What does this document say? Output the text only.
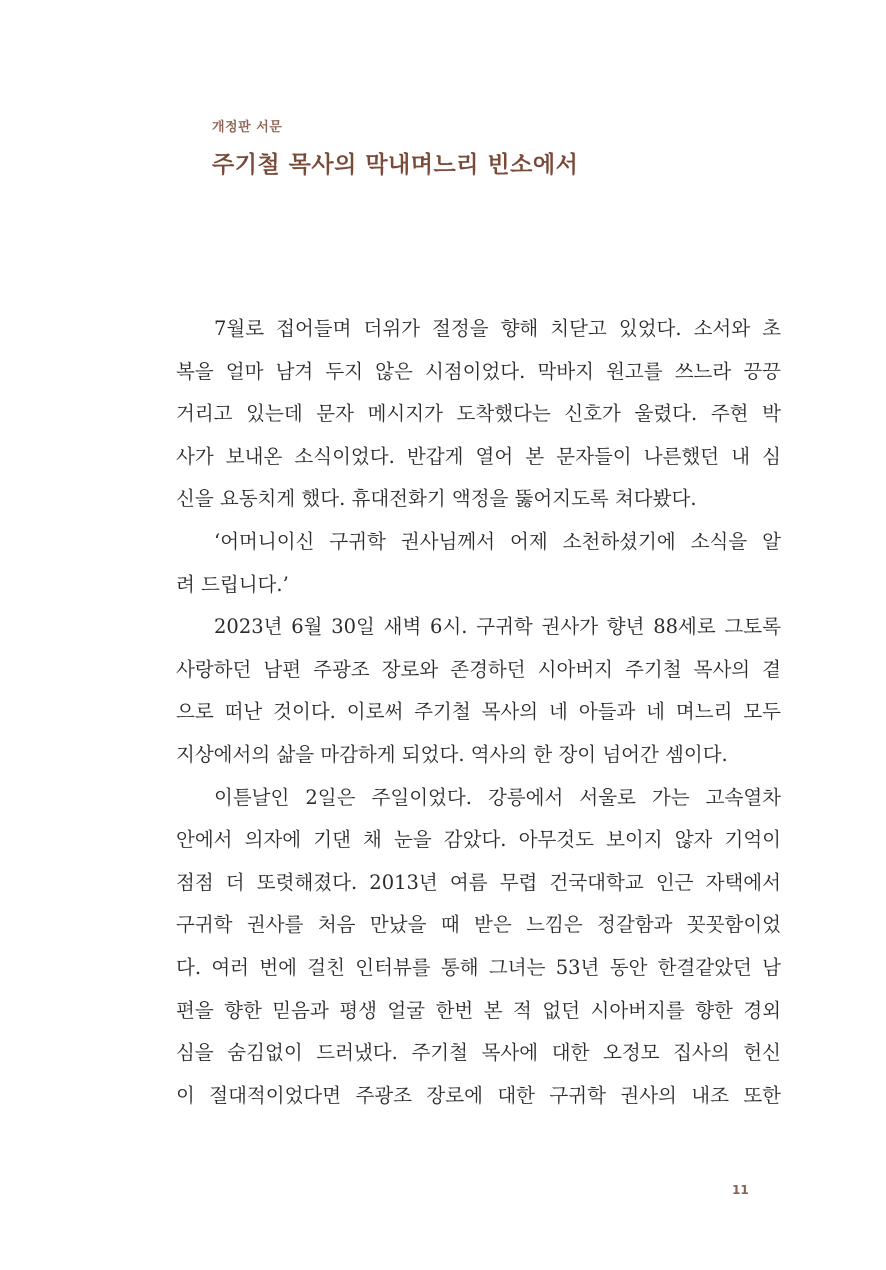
개정판 서문
주기철 목사의 막내며느리 빈소에서
7월로 접어들며 더위가 절정을 향해 치닫고 있었다. 소서와 초
복을 얼마 남겨 두지 않은 시점이었다. 막바지 원고를 쓰느라 끙끙
거리고 있는데 문자 메시지가 도착했다는 신호가 울렸다. 주현 박
사가 보내온 소식이었다. 반갑게 열어 본 문자들이 나른했던 내 심
신을 요동치게 했다. 휴대전화기 액정을 뚫어지도록 쳐다봤다.
‘어머니이신 구귀학 권사님께서 어제 소천하셨기에 소식을 알
려 드립니다.’
2023년 6월 30일 새벽 6시. 구귀학 권사가 향년 88세로 그토록
사랑하던 남편 주광조 장로와 존경하던 시아버지 주기철 목사의 곁
으로 떠난 것이다. 이로써 주기철 목사의 네 아들과 네 며느리 모두
지상에서의 삶을 마감하게 되었다. 역사의 한 장이 넘어간 셈이다.
이튿날인 2일은 주일이었다. 강릉에서 서울로 가는 고속열차
안에서 의자에 기댄 채 눈을 감았다. 아무것도 보이지 않자 기억이
점점 더 또렷해졌다. 2013년 여름 무렵 건국대학교 인근 자택에서
구귀학 권사를 처음 만났을 때 받은 느낌은 정갈함과 꼿꼿함이었
다. 여러 번에 걸친 인터뷰를 통해 그녀는 53년 동안 한결같았던 남
편을 향한 믿음과 평생 얼굴 한번 본 적 없던 시아버지를 향한 경외
심을 숨김없이 드러냈다. 주기철 목사에 대한 오정모 집사의 헌신
이 절대적이었다면 주광조 장로에 대한 구귀학 권사의 내조 또한
11
